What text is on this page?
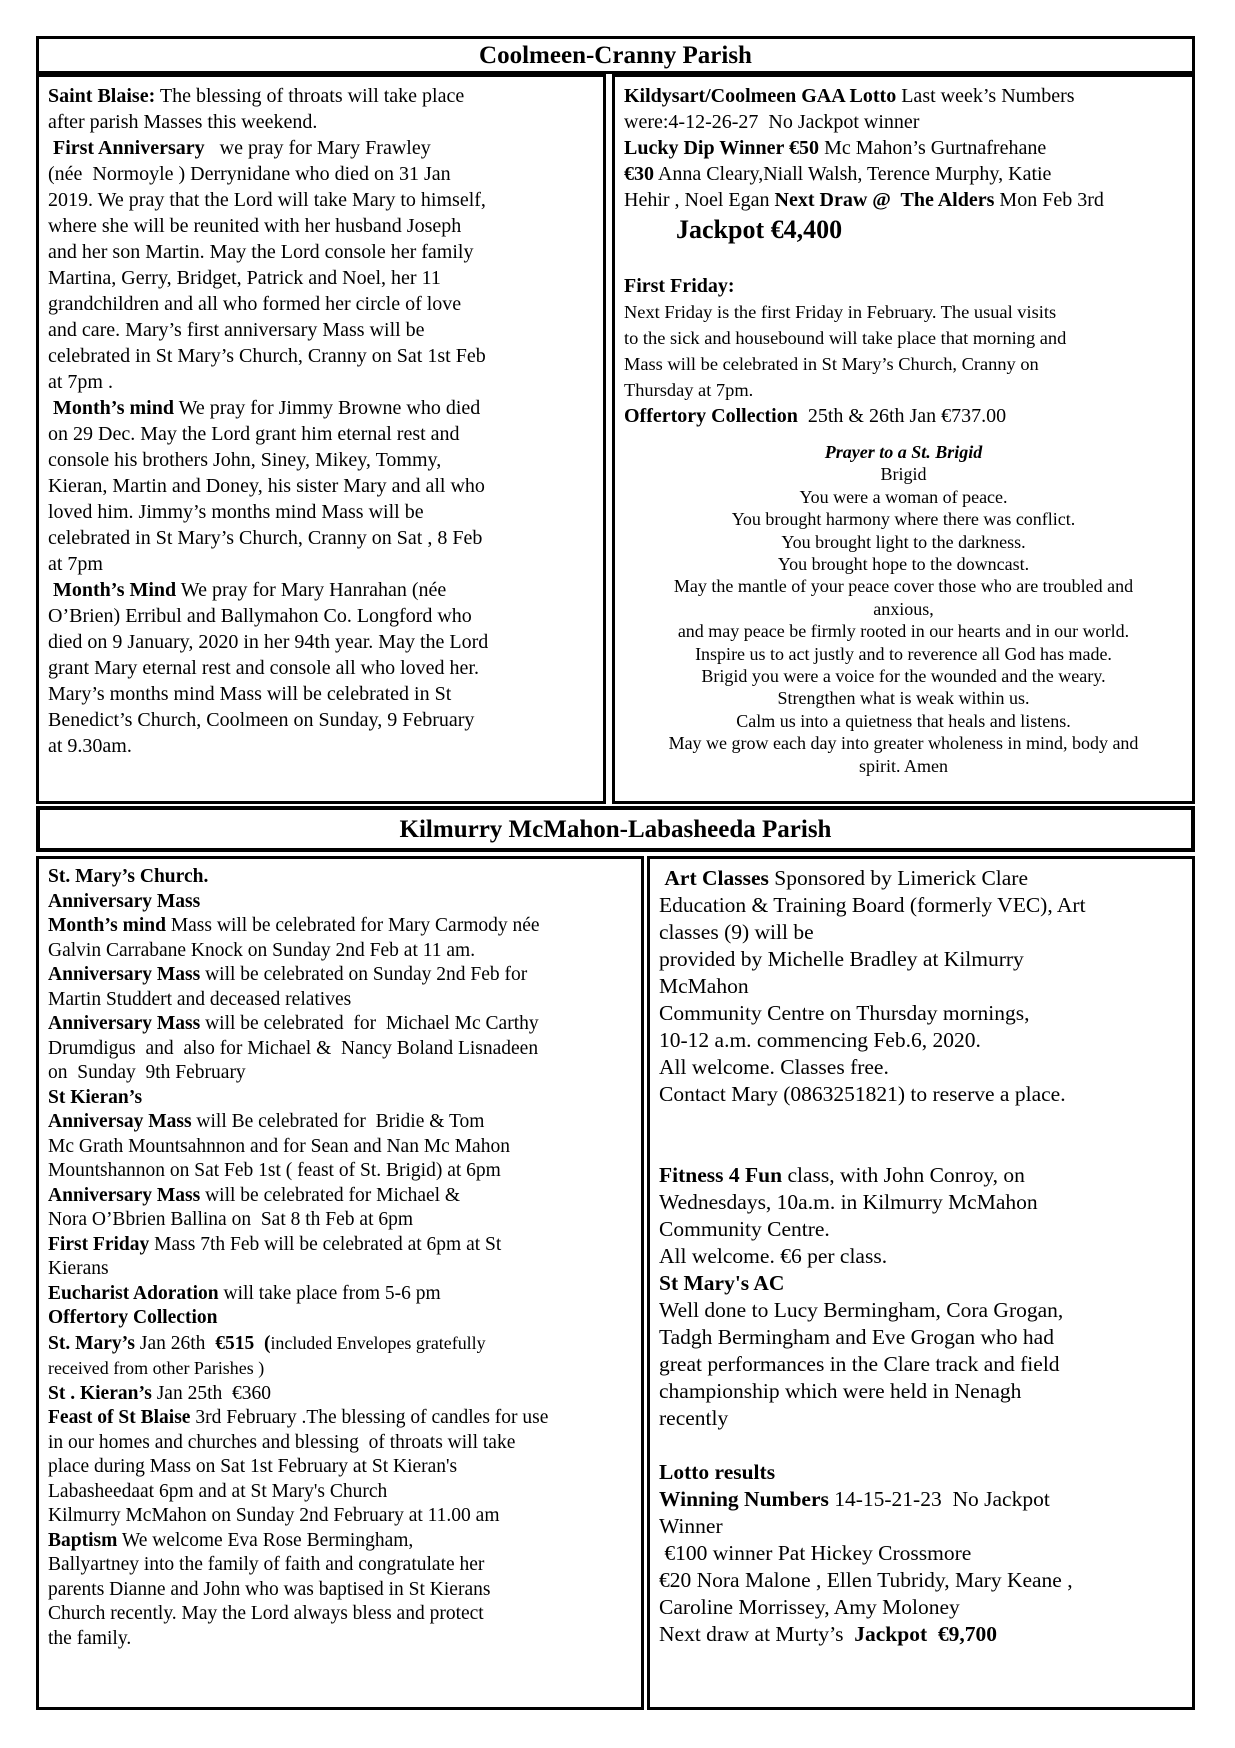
Coolmeen-Cranny Parish
Saint Blaise: The blessing of throats will take place
after parish Masses this weekend.
First Anniversary   we pray for Mary Frawley
(née  Normoyle ) Derrynidane who died on 31 Jan
2019. We pray that the Lord will take Mary to himself,
where she will be reunited with her husband Joseph
and her son Martin. May the Lord console her family
Martina, Gerry, Bridget, Patrick and Noel, her 11
grandchildren and all who formed her circle of love
and care. Mary’s first anniversary Mass will be
celebrated in St Mary’s Church, Cranny on Sat 1st Feb
at 7pm .
Month’s mind We pray for Jimmy Browne who died
on 29 Dec. May the Lord grant him eternal rest and
console his brothers John, Siney, Mikey, Tommy,
Kieran, Martin and Doney, his sister Mary and all who
loved him. Jimmy’s months mind Mass will be
celebrated in St Mary’s Church, Cranny on Sat , 8 Feb
at 7pm
Month’s Mind We pray for Mary Hanrahan (née
O’Brien) Erribul and Ballymahon Co. Longford who
died on 9 January, 2020 in her 94th year. May the Lord
grant Mary eternal rest and console all who loved her.
Mary’s months mind Mass will be celebrated in St
Benedict’s Church, Coolmeen on Sunday, 9 February
at 9.30am.
Kildysart/Coolmeen GAA Lotto Last week’s Numbers
were:4-12-26-27  No Jackpot winner
Lucky Dip Winner €50 Mc Mahon’s Gurtnafrehane
€30 Anna Cleary,Niall Walsh, Terence Murphy, Katie
Hehir , Noel Egan Next Draw @  The Alders Mon Feb 3rd
Jackpot €4,400

First Friday:
Next Friday is the first Friday in February. The usual visits
to the sick and housebound will take place that morning and
Mass will be celebrated in St Mary’s Church, Cranny on
Thursday at 7pm.
Offertory Collection  25th & 26th Jan €737.00
Prayer to a St. Brigid
Brigid
You were a woman of peace.
You brought harmony where there was conflict.
You brought light to the darkness.
You brought hope to the downcast.
May the mantle of your peace cover those who are troubled and
anxious,
and may peace be firmly rooted in our hearts and in our world.
Inspire us to act justly and to reverence all God has made.
Brigid you were a voice for the wounded and the weary.
Strengthen what is weak within us.
Calm us into a quietness that heals and listens.
May we grow each day into greater wholeness in mind, body and
spirit. Amen
Kilmurry McMahon-Labasheeda Parish
St. Mary’s Church.
Anniversary Mass
Month’s mind Mass will be celebrated for Mary Carmody née
Galvin Carrabane Knock on Sunday 2nd Feb at 11 am.
Anniversary Mass will be celebrated on Sunday 2nd Feb for
Martin Studdert and deceased relatives
Anniversary Mass will be celebrated  for  Michael Mc Carthy
Drumdigus  and  also for Michael &  Nancy Boland Lisnadeen
on  Sunday  9th February
St Kieran’s
Anniversay Mass will Be celebrated for  Bridie & Tom
Mc Grath Mountsahnnon and for Sean and Nan Mc Mahon
Mountshannon on Sat Feb 1st ( feast of St. Brigid) at 6pm
Anniversary Mass will be celebrated for Michael &
Nora O’Bbrien Ballina on  Sat 8 th Feb at 6pm
First Friday Mass 7th Feb will be celebrated at 6pm at St
Kierans
Eucharist Adoration will take place from 5-6 pm
Offertory Collection
St. Mary’s Jan 26th  €515 (included Envelopes gratefully
received from other Parishes )
St . Kieran’s Jan 25th  €360
Feast of St Blaise 3rd February .The blessing of candles for use
in our homes and churches and blessing  of throats will take
place during Mass on Sat 1st February at St Kieran's
Labasheedaat 6pm and at St Mary's Church
Kilmurry McMahon on Sunday 2nd February at 11.00 am
Baptism We welcome Eva Rose Bermingham,
Ballyartney into the family of faith and congratulate her
parents Dianne and John who was baptised in St Kierans
Church recently. May the Lord always bless and protect
the family.
Art Classes Sponsored by Limerick Clare
Education & Training Board (formerly VEC), Art
classes (9) will be
provided by Michelle Bradley at Kilmurry
McMahon
Community Centre on Thursday mornings,
10-12 a.m. commencing Feb.6, 2020.
All welcome. Classes free.
Contact Mary (0863251821) to reserve a place.

Fitness 4 Fun class, with John Conroy, on
Wednesdays, 10a.m. in Kilmurry McMahon
Community Centre.
All welcome. €6 per class.
St Mary's AC
Well done to Lucy Bermingham, Cora Grogan,
Tadgh Bermingham and Eve Grogan who had
great performances in the Clare track and field
championship which were held in Nenagh
recently

Lotto results
Winning Numbers 14-15-21-23  No Jackpot
Winner
€100 winner Pat Hickey Crossmore
€20 Nora Malone , Ellen Tubridy, Mary Keane ,
Caroline Morrissey, Amy Moloney
Next draw at Murty’s  Jackpot  €9,700
